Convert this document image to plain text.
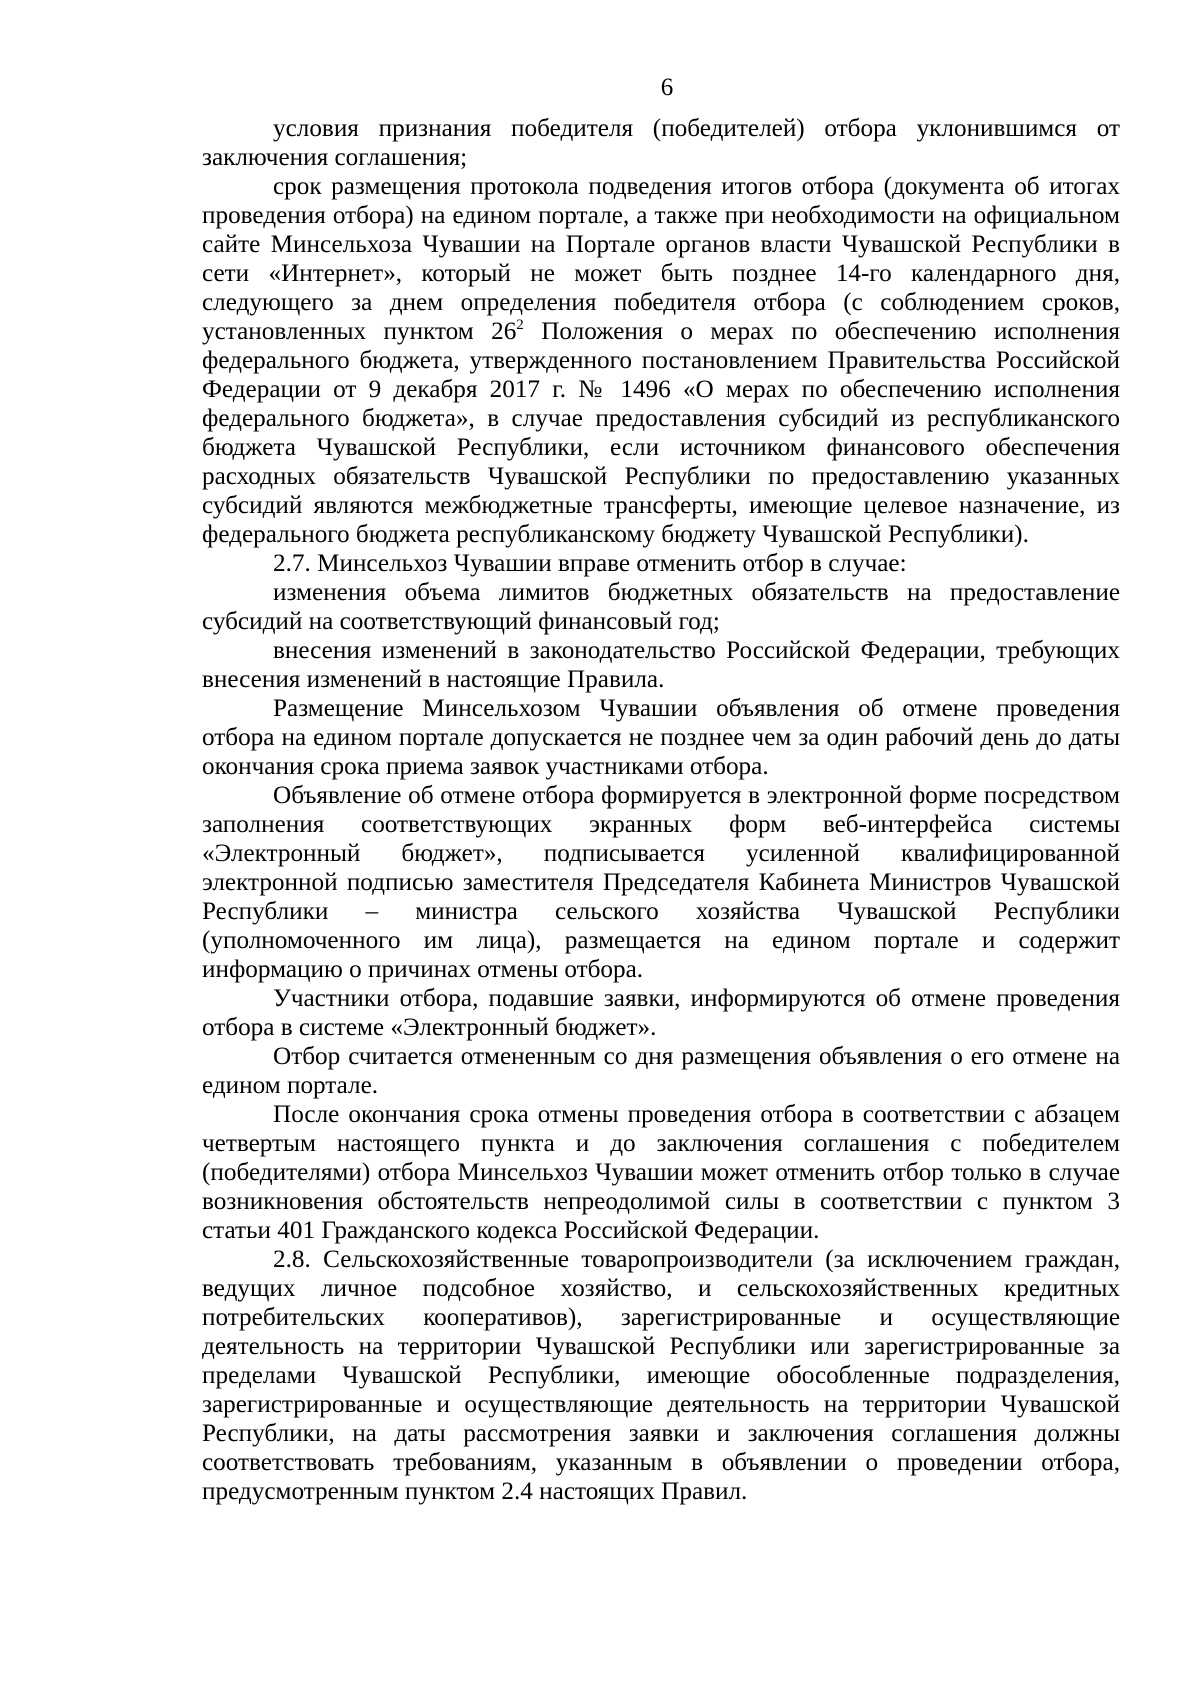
6

условия признания победителя (победителей) отбора уклонившимся от заключения соглашения;

срок размещения протокола подведения итогов отбора (документа об итогах проведения отбора) на едином портале, а также при необходимости на официальном сайте Минсельхоза Чувашии на Портале органов власти Чувашской Республики в сети «Интернет», который не может быть позднее 14-го календарного дня, следующего за днем определения победителя отбора (с соблюдением сроков, установленных пунктом $26^2$ Положения о мерах по обеспечению исполнения федерального бюджета, утвержденного постановлением Правительства Российской Федерации от 9 декабря 2017 г. № 1496 «О мерах по обеспечению исполнения федерального бюджета», в случае предоставления субсидий из республиканского бюджета Чувашской Республики, если источником финансового обеспечения расходных обязательств Чувашской Республики по предоставлению указанных субсидий являются межбюджетные трансферты, имеющие целевое назначение, из федерального бюджета республиканскому бюджету Чувашской Республики).

2.7. Минсельхоз Чувашии вправе отменить отбор в случае:

изменения объема лимитов бюджетных обязательств на предоставление субсидий на соответствующий финансовый год;

внесения изменений в законодательство Российской Федерации, требующих внесения изменений в настоящие Правила.

Размещение Минсельхозом Чувашии объявления об отмене проведения отбора на едином портале допускается не позднее чем за один рабочий день до даты окончания срока приема заявок участниками отбора.

Объявление об отмене отбора формируется в электронной форме посредством заполнения соответствующих экранных форм веб-интерфейса системы «Электронный бюджет», подписывается усиленной квалифицированной электронной подписью заместителя Председателя Кабинета Министров Чувашской Республики – министра сельского хозяйства Чувашской Республики (уполномоченного им лица), размещается на едином портале и содержит информацию о причинах отмены отбора.

Участники отбора, подавшие заявки, информируются об отмене проведения отбора в системе «Электронный бюджет».

Отбор считается отмененным со дня размещения объявления о его отмене на едином портале.

После окончания срока отмены проведения отбора в соответствии с абзацем четвертым настоящего пункта и до заключения соглашения с победителем (победителями) отбора Минсельхоз Чувашии может отменить отбор только в случае возникновения обстоятельств непреодолимой силы в соответствии с пунктом 3 статьи 401 Гражданского кодекса Российской Федерации.

2.8. Сельскохозяйственные товаропроизводители (за исключением граждан, ведущих личное подсобное хозяйство, и сельскохозяйственных кредитных потребительских кооперативов), зарегистрированные и осуществляющие деятельность на территории Чувашской Республики или зарегистрированные за пределами Чувашской Республики, имеющие обособленные подразделения, зарегистрированные и осуществляющие деятельность на территории Чувашской Республики, на даты рассмотрения заявки и заключения соглашения должны соответствовать требованиям, указанным в объявлении о проведении отбора, предусмотренным пунктом 2.4 настоящих Правил.
